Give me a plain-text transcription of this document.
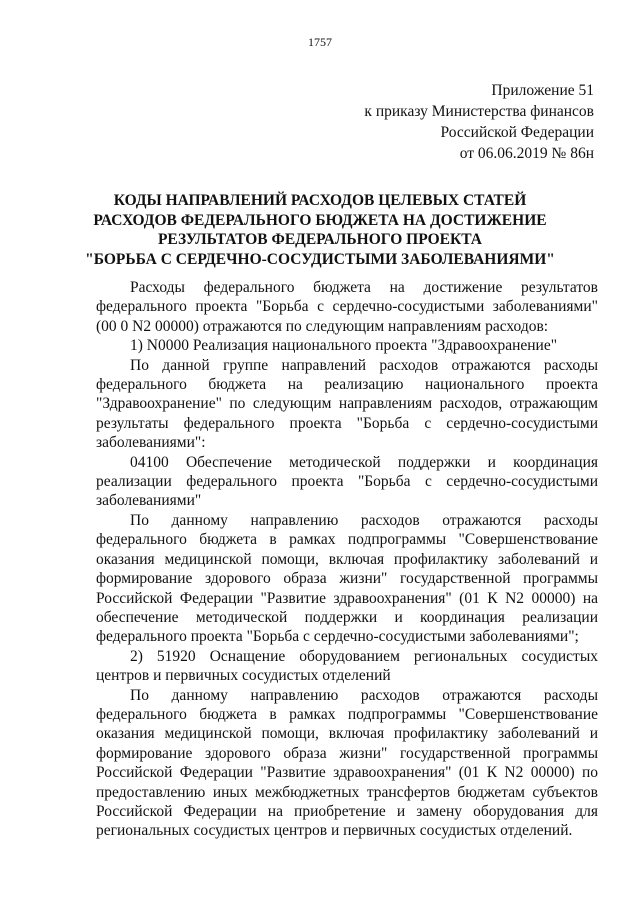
1757
Приложение 51
к приказу Министерства финансов
Российской Федерации
от 06.06.2019 № 86н
КОДЫ НАПРАВЛЕНИЙ РАСХОДОВ ЦЕЛЕВЫХ СТАТЕЙ
РАСХОДОВ ФЕДЕРАЛЬНОГО БЮДЖЕТА НА ДОСТИЖЕНИЕ
РЕЗУЛЬТАТОВ ФЕДЕРАЛЬНОГО ПРОЕКТА
"БОРЬБА С СЕРДЕЧНО-СОСУДИСТЫМИ ЗАБОЛЕВАНИЯМИ"

Расходы федерального бюджета на достижение результатов федерального проекта "Борьба с сердечно-сосудистыми заболеваниями" (00 0 N2 00000) отражаются по следующим направлениям расходов:

1) N0000 Реализация национального проекта "Здравоохранение"

По данной группе направлений расходов отражаются расходы федерального бюджета на реализацию национального проекта "Здравоохранение" по следующим направлениям расходов, отражающим результаты федерального проекта "Борьба с сердечно-сосудистыми заболеваниями":

04100 Обеспечение методической поддержки и координация реализации федерального проекта "Борьба с сердечно-сосудистыми заболеваниями"

По данному направлению расходов отражаются расходы федерального бюджета в рамках подпрограммы "Совершенствование оказания медицинской помощи, включая профилактику заболеваний и формирование здорового образа жизни" государственной программы Российской Федерации "Развитие здравоохранения" (01 К N2 00000) на обеспечение методической поддержки и координация реализации федерального проекта "Борьба с сердечно-сосудистыми заболеваниями";

2) 51920 Оснащение оборудованием региональных сосудистых центров и первичных сосудистых отделений

По данному направлению расходов отражаются расходы федерального бюджета в рамках подпрограммы "Совершенствование оказания медицинской помощи, включая профилактику заболеваний и формирование здорового образа жизни" государственной программы Российской Федерации "Развитие здравоохранения" (01 К N2 00000) по предоставлению иных межбюджетных трансфертов бюджетам субъектов Российской Федерации на приобретение и замену оборудования для региональных сосудистых центров и первичных сосудистых отделений.
